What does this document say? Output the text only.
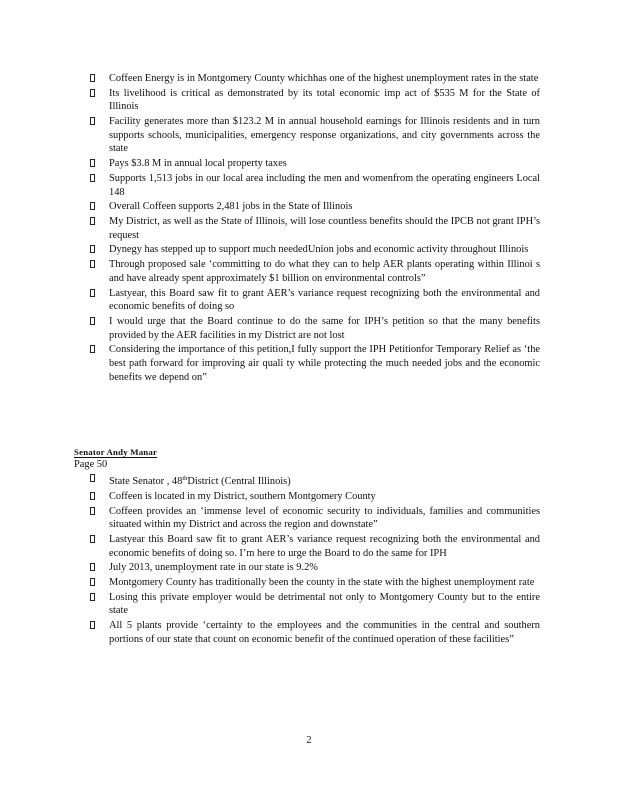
Coffeen Energy is in Montgomery County whichhas one of the highest unemployment rates in the state
Its livelihood is critical as demonstrated by its total economic imp act of $535 M for the State of Illinois
Facility generates more than $123.2 M in annual household earnings for Illinois residents and in turn supports schools, municipalities, emergency response organizations, and city governments across the state
Pays $3.8 M in annual local property taxes
Supports 1,513 jobs in our local area including the men and womenfrom the operating engineers Local 148
Overall Coffeen supports 2,481 jobs in the State of Illinois
My District, as well as the State of Illinois, will lose countless benefits should the IPCB not grant IPH’s request
Dynegy has stepped up to support much neededUnion jobs and economic activity throughout Illinois
Through proposed sale ‘committing to do what they can to help AER plants operating within Illinoi s and have already spent approximately $1 billion on environmental controls”
Lastyear, this Board saw fit to grant AER’s variance request recognizing both the environmental and economic benefits of doing so
I would urge that the Board continue to do the same for IPH’s petition so that the many benefits provided by the AER facilities in my District are not lost
Considering the importance of this petition,I fully support the IPH Petitionfor Temporary Relief as ‘the best path forward for improving air quali ty while protecting the much needed jobs and the economic benefits we depend on”
Senator Andy Manar
Page 50
State Senator , 48thDistrict (Central Illinois)
Coffeen is located in my District, southern Montgomery County
Coffeen provides an ‘immense level of economic security to individuals, families and communities situated within my District and across the region and downstate”
Lastyear this Board saw fit to grant AER’s variance request recognizing both the environmental and economic benefits of doing so. I’m here to urge the Board to do the same for IPH
July 2013, unemployment rate in our state is 9.2%
Montgomery County has traditionally been the county in the state with the highest unemployment rate
Losing this private employer would be detrimental not only to Montgomery County but to the entire state
All 5 plants provide ‘certainty to the employees and the communities in the central and southern portions of our state that count on economic benefit of the continued operation of these facilities”
2
